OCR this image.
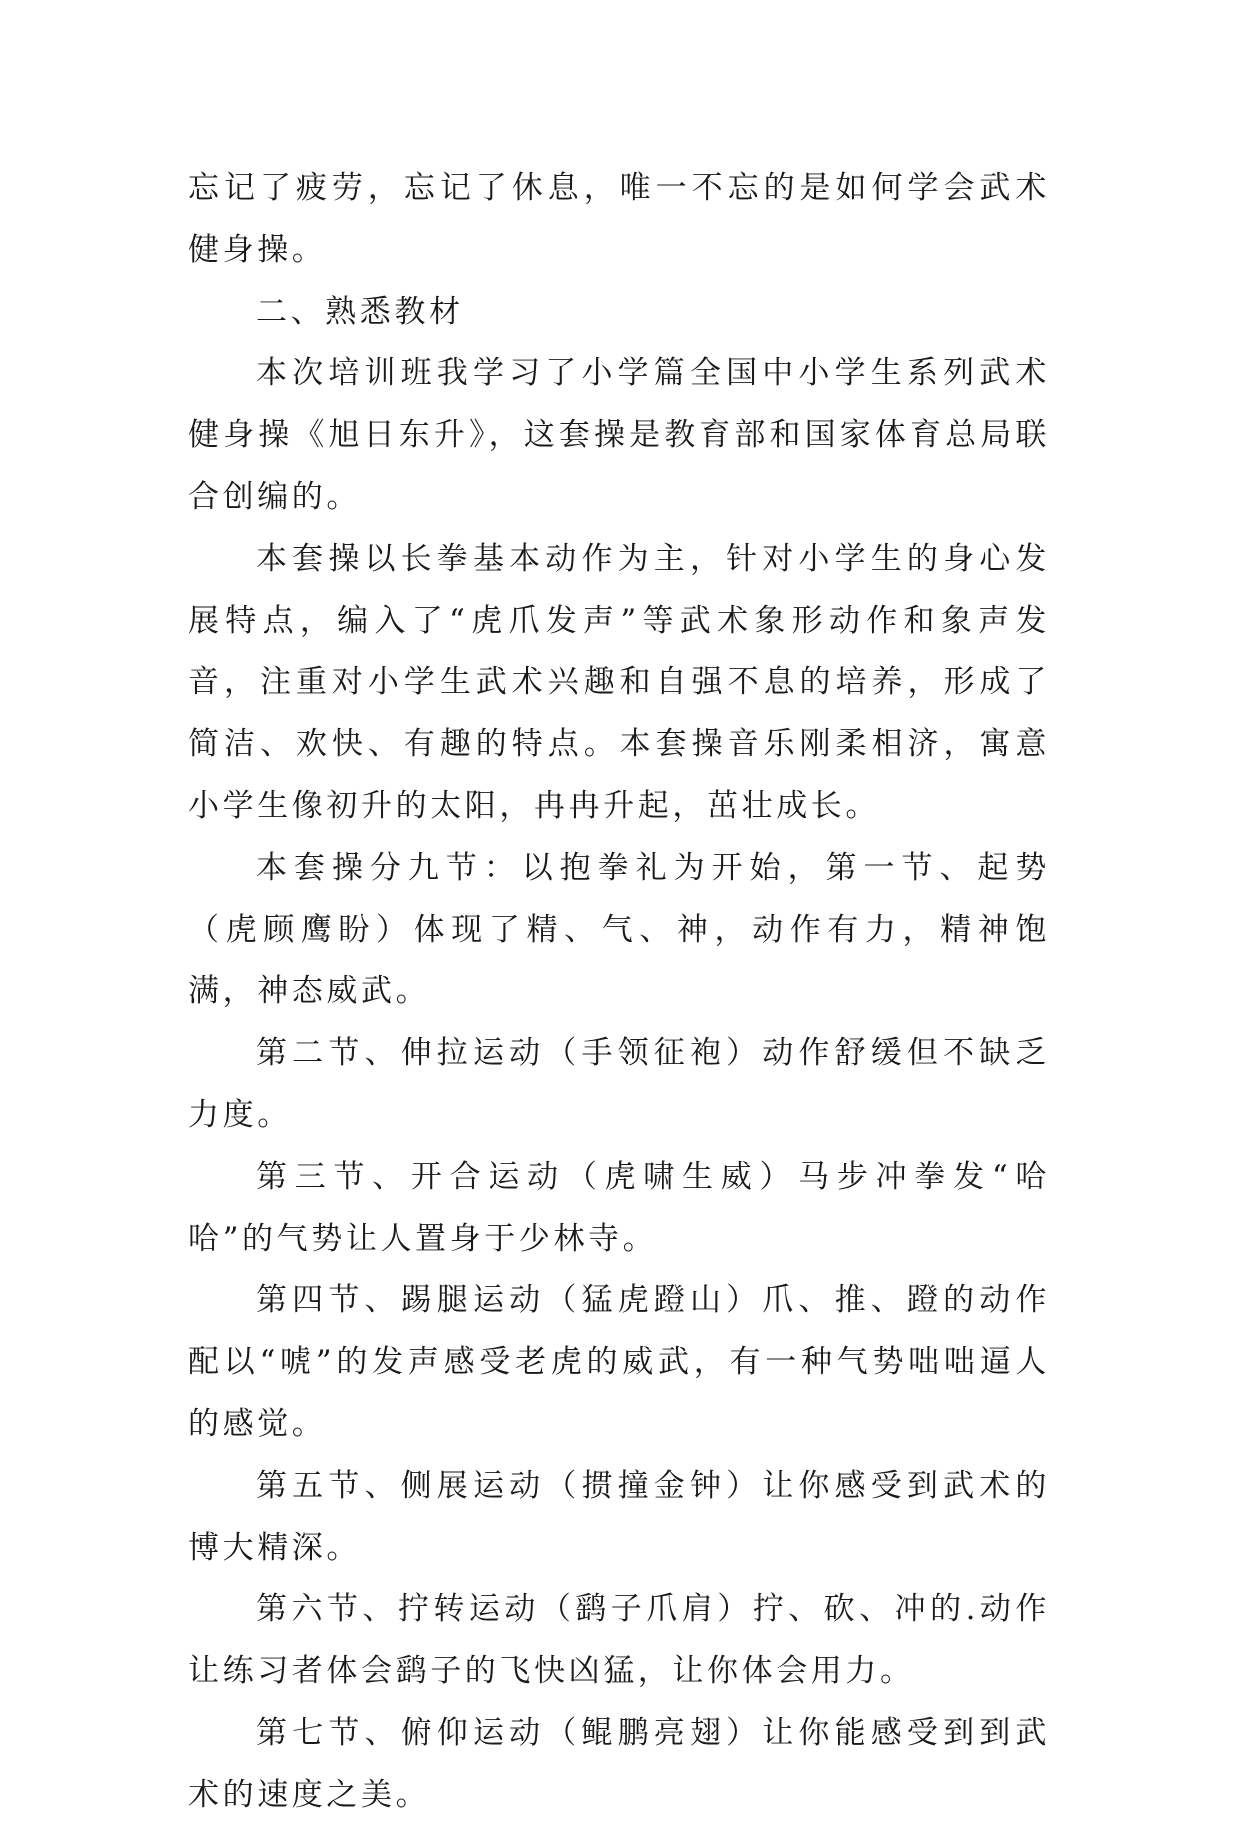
忘记了疲劳，忘记了休息，唯一不忘的是如何学会武术健身操。

二、熟悉教材

本次培训班我学习了小学篇全国中小学生系列武术健身操《旭日东升》，这套操是教育部和国家体育总局联合创编的。

本套操以长拳基本动作为主，针对小学生的身心发展特点，编入了“虎爪发声”等武术象形动作和象声发音，注重对小学生武术兴趣和自强不息的培养，形成了简洁、欢快、有趣的特点。本套操音乐刚柔相济，寓意小学生像初升的太阳，冉冉升起，茁壮成长。

本套操分九节：以抱拳礼为开始，第一节、起势（虎顾鹰盼）体现了精、气、神，动作有力，精神饱满，神态威武。

第二节、伸拉运动（手领征袍）动作舒缓但不缺乏力度。

第三节、开合运动（虎啸生威）马步冲拳发“哈哈”的气势让人置身于少林寺。

第四节、踢腿运动（猛虎蹬山）爪、推、蹬的动作配以“唬”的发声感受老虎的威武，有一种气势咄咄逼人的感觉。

第五节、侧展运动（掼撞金钟）让你感受到武术的博大精深。

第六节、拧转运动（鹞子爪肩）拧、砍、冲的.动作让练习者体会鹞子的飞快凶猛，让你体会用力。

第七节、俯仰运动（鲲鹏亮翅）让你能感受到到武术的速度之美。
